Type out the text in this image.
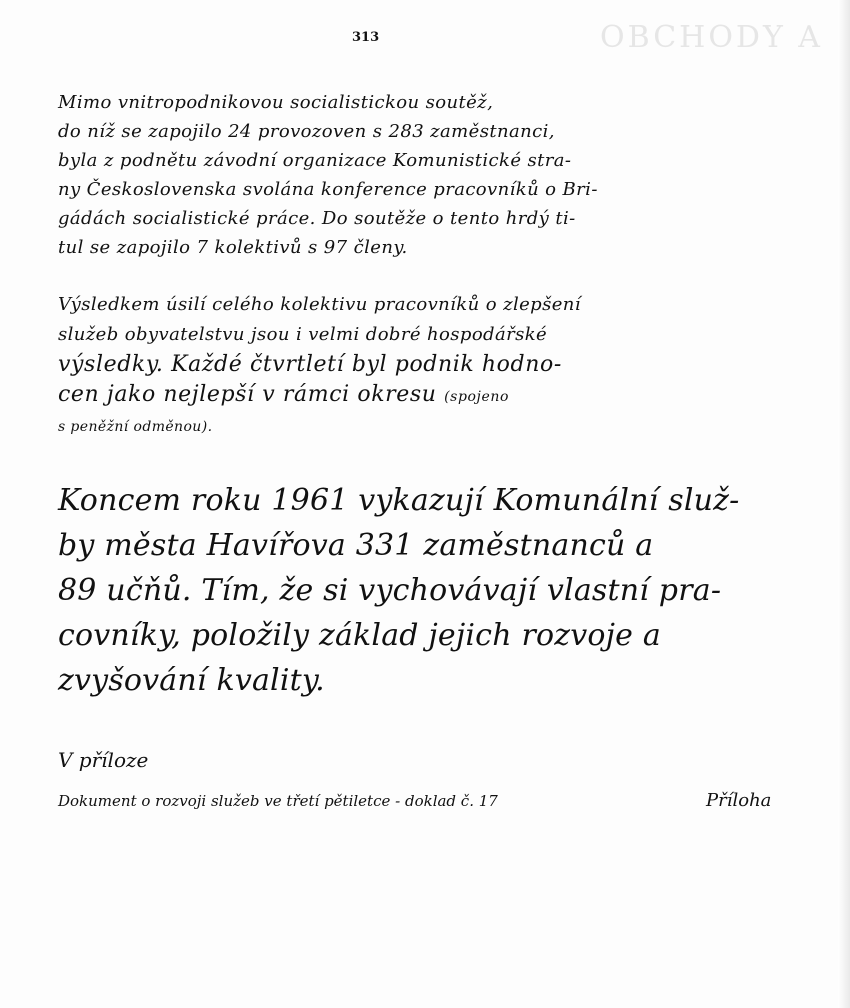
OBCHODY A
313

Mimo vnitropodnikovou socialistickou soutěž,
do níž se zapojilo 24 provozoven s 283 zaměstnanci,
byla z podnětu závodní organizace Komunistické stra-
ny Československa svolána konference pracovníků o Bri-
gádách socialistické práce. Do soutěže o tento hrdý ti-
tul se zapojilo 7 kolektivů s 97 členy.

Výsledkem úsilí celého kolektivu pracovníků o zlepšení
služeb obyvatelstvu jsou i velmi dobré hospodářské
výsledky. Každé čtvrtletí byl podnik hodno-
cen jako nejlepší v rámci okresu (spojeno
s peněžní odměnou).

Koncem roku 1961 vykazují Komunální služ-
by města Havířova 331 zaměstnanců a
89 učňů. Tím, že si vychovávají vlastní pra-
covníky, položily základ jejich rozvoje a
zvyšování kvality.

V příloze
Dokument o rozvoji služeb ve třetí pětiletce - doklad č. 17	Příloha
